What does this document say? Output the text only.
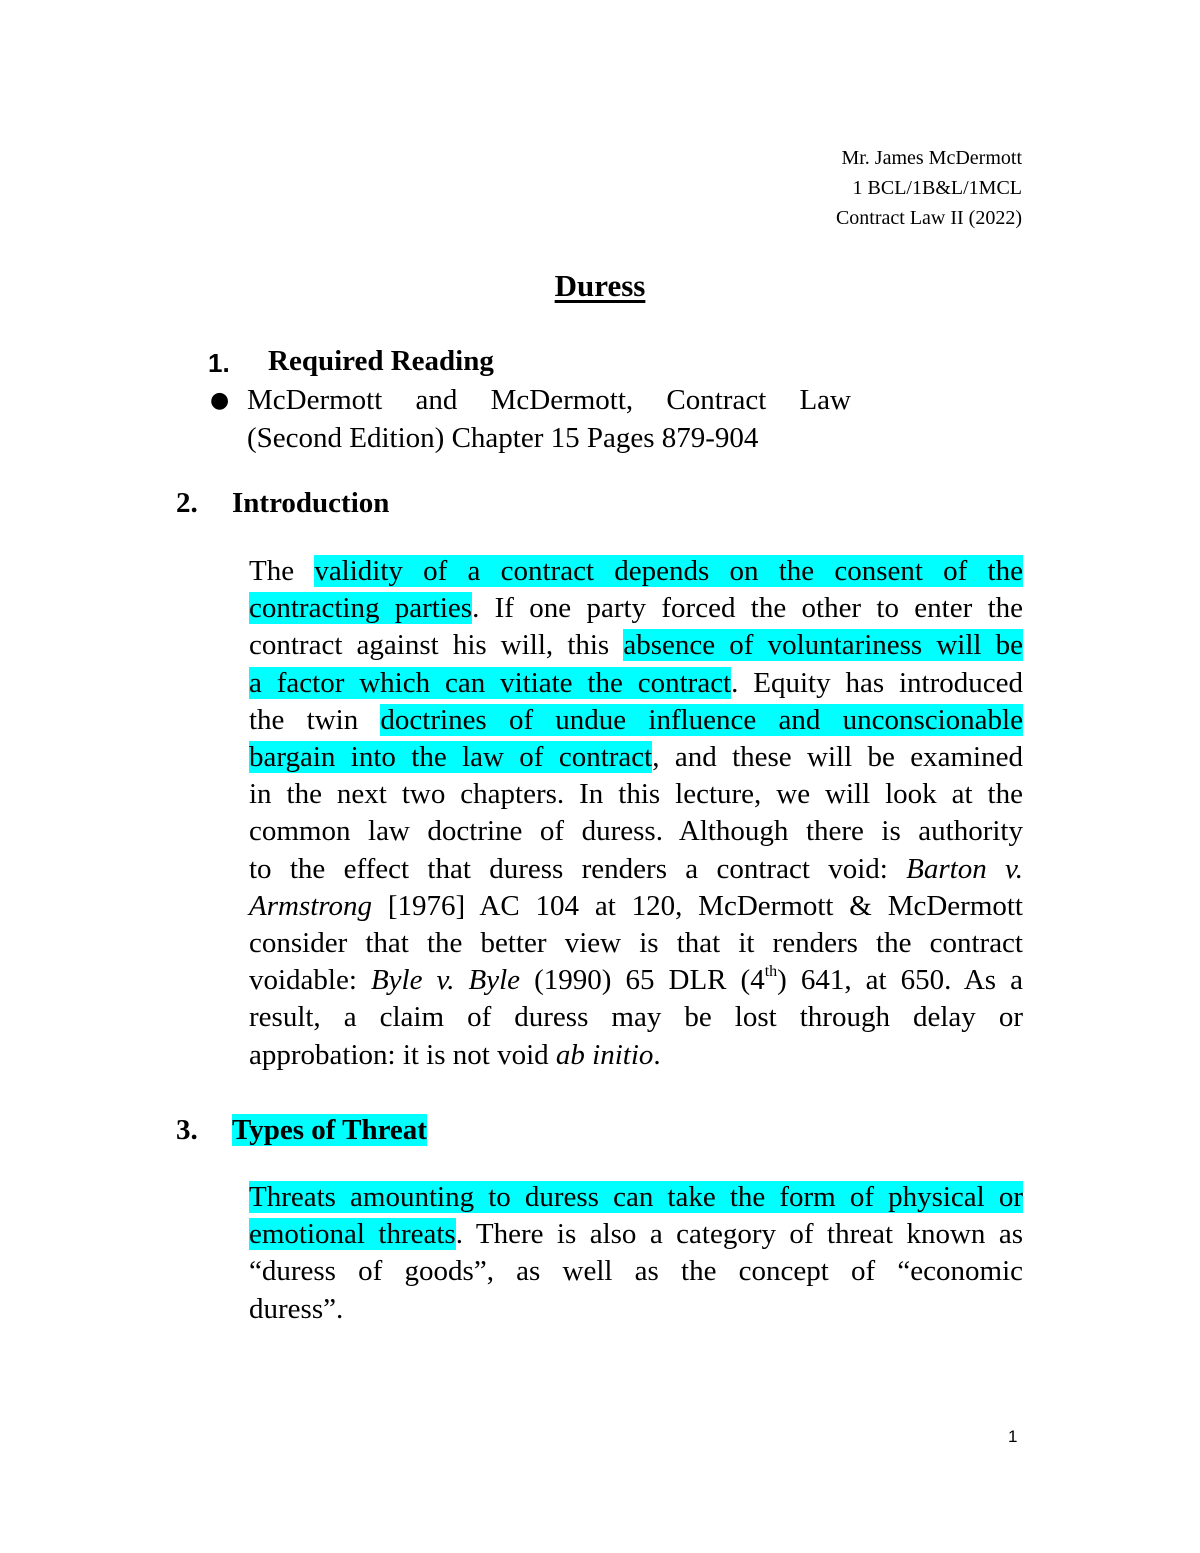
Mr. James McDermott
1 BCL/1B&L/1MCL
Contract Law II (2022)
Duress
1. Required Reading
● McDermott and McDermott, Contract Law
(Second Edition) Chapter 15 Pages 879-904
2. Introduction
The validity of a contract depends on the consent of the
contracting parties. If one party forced the other to enter the
contract against his will, this absence of voluntariness will be
a factor which can vitiate the contract. Equity has introduced
the twin doctrines of undue influence and unconscionable
bargain into the law of contract, and these will be examined
in the next two chapters. In this lecture, we will look at the
common law doctrine of duress. Although there is authority
to the effect that duress renders a contract void: Barton v.
Armstrong [1976] AC 104 at 120, McDermott & McDermott
consider that the better view is that it renders the contract
voidable: Byle v. Byle (1990) 65 DLR (4th) 641, at 650. As a
result, a claim of duress may be lost through delay or
approbation: it is not void ab initio.
3. Types of Threat
Threats amounting to duress can take the form of physical or
emotional threats. There is also a category of threat known as
“duress of goods”, as well as the concept of “economic
duress”.
1
